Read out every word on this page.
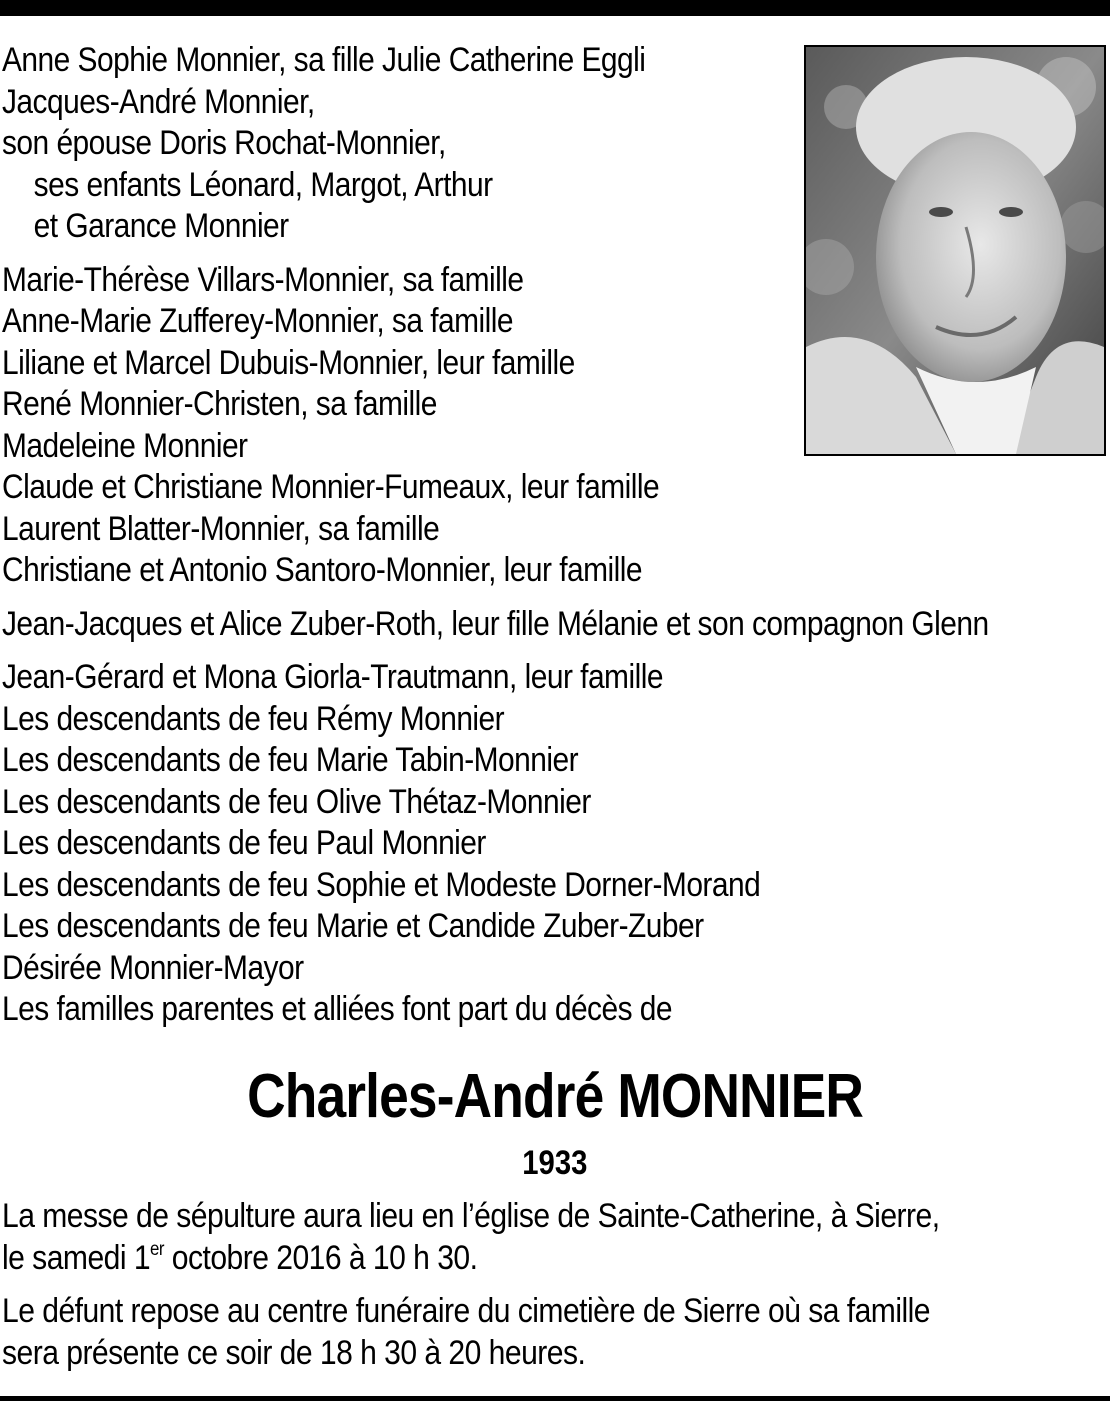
Anne Sophie Monnier, sa fille Julie Catherine Eggli
Jacques-André Monnier,
son épouse Doris Rochat-Monnier,
ses enfants Léonard, Margot, Arthur
et Garance Monnier
Marie-Thérèse Villars-Monnier, sa famille
Anne-Marie Zufferey-Monnier, sa famille
Liliane et Marcel Dubuis-Monnier, leur famille
René Monnier-Christen, sa famille
Madeleine Monnier
Claude et Christiane Monnier-Fumeaux, leur famille
Laurent Blatter-Monnier, sa famille
Christiane et Antonio Santoro-Monnier, leur famille
Jean-Jacques et Alice Zuber-Roth, leur fille Mélanie et son compagnon Glenn
Jean-Gérard et Mona Giorla-Trautmann, leur famille
Les descendants de feu Rémy Monnier
Les descendants de feu Marie Tabin-Monnier
Les descendants de feu Olive Thétaz-Monnier
Les descendants de feu Paul Monnier
Les descendants de feu Sophie et Modeste Dorner-Morand
Les descendants de feu Marie et Candide Zuber-Zuber
Désirée Monnier-Mayor
Les familles parentes et alliées font part du décès de
Charles-André MONNIER
1933
La messe de sépulture aura lieu en l’église de Sainte-Catherine, à Sierre,
le samedi 1er octobre 2016 à 10 h 30.
Le défunt repose au centre funéraire du cimetière de Sierre où sa famille
sera présente ce soir de 18 h 30 à 20 heures.
